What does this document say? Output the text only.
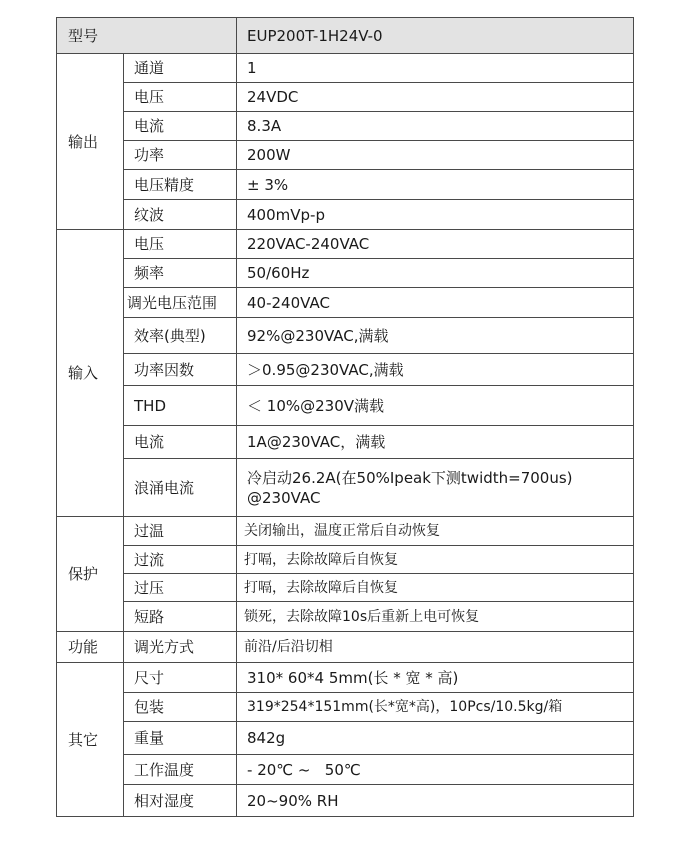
型号		EUP200T-1H24V-0
输出	通道	1
	电压	24VDC
	电流	8.3A
	功率	200W
	电压精度	± 3%
	纹波	400mVp-p
输入	电压	220VAC-240VAC
	频率	50/60Hz
	调光电压范围	40-240VAC
	效率(典型)	92%@230VAC,满载
	功率因数	＞0.95@230VAC,满载
	THD	＜ 10%@230V满载
	电流	1A@230VAC，满载
	浪涌电流	冷启动26.2A(在50%Ipeak下测twidth=700us) @230VAC
保护	过温	关闭输出，温度正常后自动恢复
	过流	打嗝，去除故障后自恢复
	过压	打嗝，去除故障后自恢复
	短路	锁死，去除故障10s后重新上电可恢复
功能	调光方式	前沿/后沿切相
其它	尺寸	310* 60*4 5mm(长 * 宽 * 高)
	包装	319*254*151mm(长*宽*高)，10Pcs/10.5kg/箱
	重量	842g
	工作温度	- 20℃ ~   50℃
	相对湿度	20~90% RH
